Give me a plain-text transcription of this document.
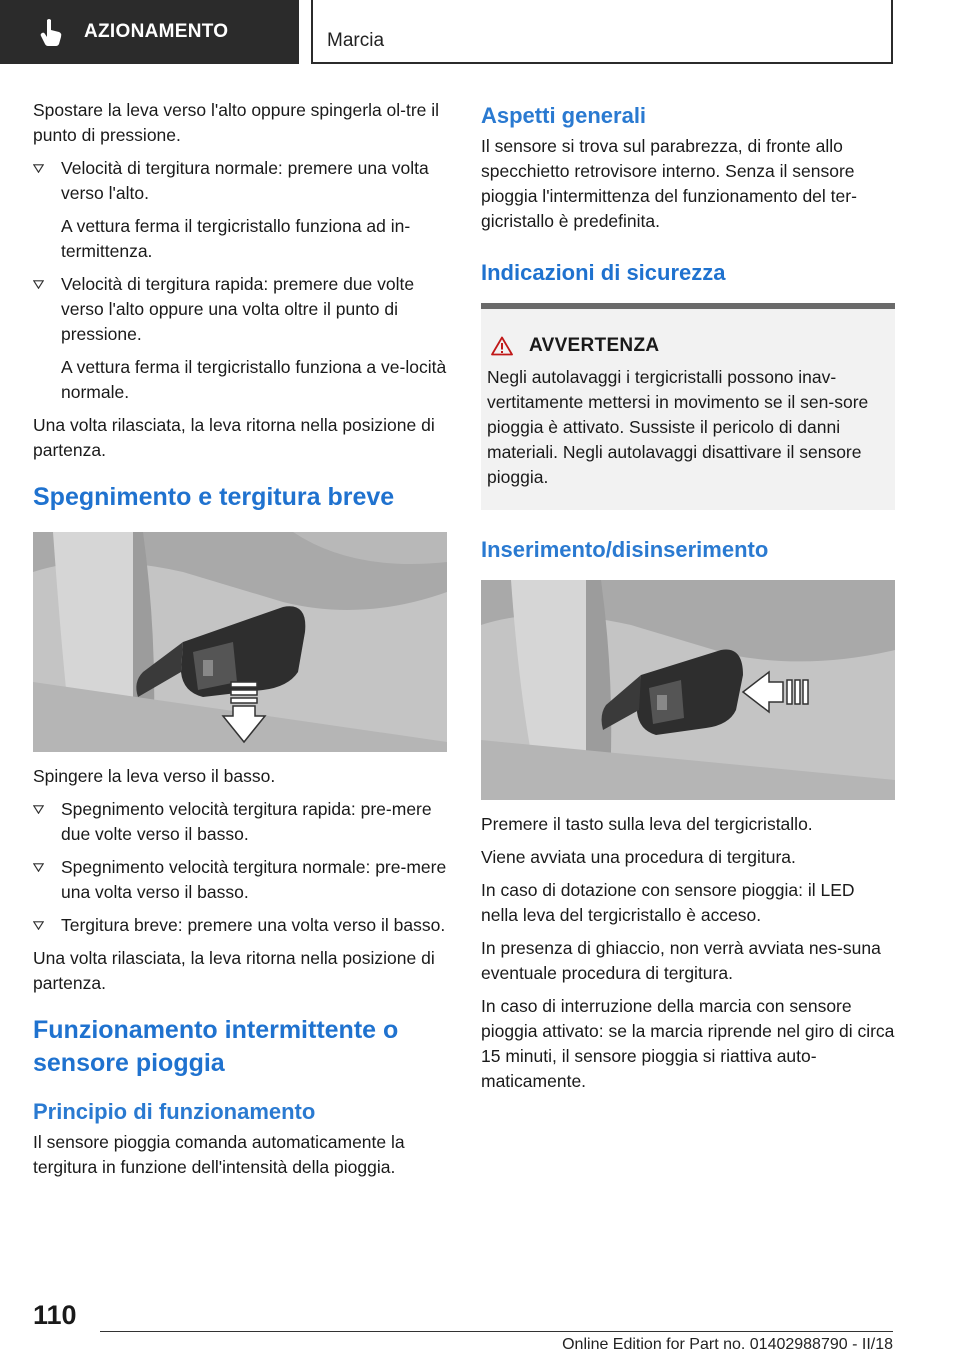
AZIONAMENTO	Marcia

Spostare la leva verso l'alto oppure spingerla ol-tre il punto di pressione.

Velocità di tergitura normale: premere una volta verso l'alto.

A vettura ferma il tergicristallo funziona ad in-termittenza.

Velocità di tergitura rapida: premere due volte verso l'alto oppure una volta oltre il punto di pressione.

A vettura ferma il tergicristallo funziona a ve-locità normale.

Una volta rilasciata, la leva ritorna nella posizione di partenza.

Spegnimento e tergitura breve

Spingere la leva verso il basso.

Spegnimento velocità tergitura rapida: pre-mere due volte verso il basso.

Spegnimento velocità tergitura normale: pre-mere una volta verso il basso.

Tergitura breve: premere una volta verso il basso.

Una volta rilasciata, la leva ritorna nella posizione di partenza.

Funzionamento intermittente o sensore pioggia
Principio di funzionamento

Il sensore pioggia comanda automaticamente la tergitura in funzione dell'intensità della pioggia.

Aspetti generali

Il sensore si trova sul parabrezza, di fronte allo specchietto retrovisore interno. Senza il sensore pioggia l'intermittenza del funzionamento del ter-gicristallo è predefinita.

Indicazioni di sicurezza
AVVERTENZA

Negli autolavaggi i tergicristalli possono inav-vertitamente mettersi in movimento se il sen-sore pioggia è attivato. Sussiste il pericolo di danni materiali. Negli autolavaggi disattivare il sensore pioggia.

Inserimento/disinserimento

Premere il tasto sulla leva del tergicristallo.

Viene avviata una procedura di tergitura.

In caso di dotazione con sensore pioggia: il LED nella leva del tergicristallo è acceso.

In presenza di ghiaccio, non verrà avviata nes-suna eventuale procedura di tergitura.

In caso di interruzione della marcia con sensore pioggia attivato: se la marcia riprende nel giro di circa 15 minuti, il sensore pioggia si riattiva auto-maticamente.

110
Online Edition for Part no. 01402988790 - II/18
